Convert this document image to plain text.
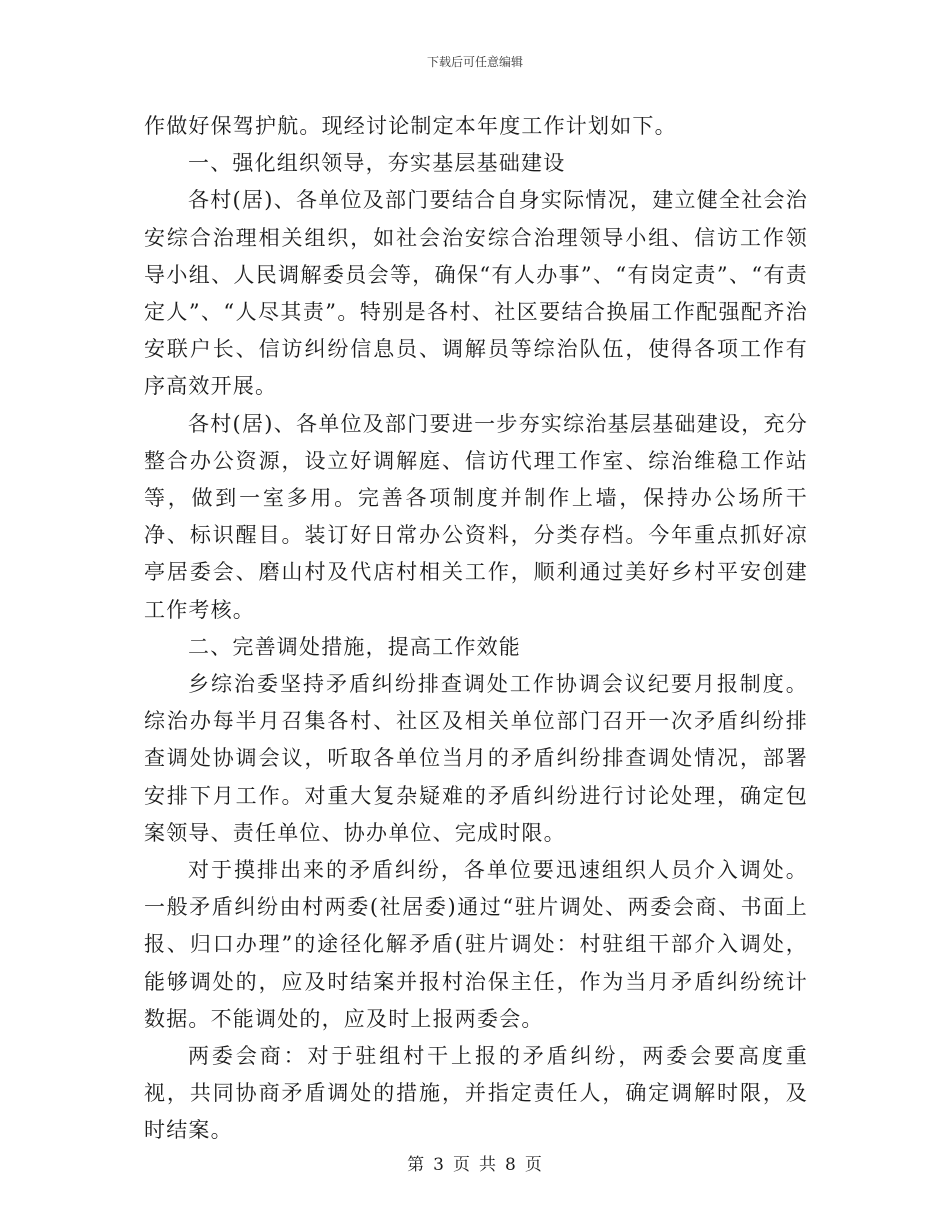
下载后可任意编辑

作做好保驾护航。现经讨论制定本年度工作计划如下。

一、强化组织领导，夯实基层基础建设

各村(居)、各单位及部门要结合自身实际情况，建立健全社会治安综合治理相关组织，如社会治安综合治理领导小组、信访工作领导小组、人民调解委员会等，确保“有人办事”、“有岗定责”、“有责定人”、“人尽其责”。特别是各村、社区要结合换届工作配强配齐治安联户长、信访纠纷信息员、调解员等综治队伍，使得各项工作有序高效开展。

各村(居)、各单位及部门要进一步夯实综治基层基础建设，充分整合办公资源，设立好调解庭、信访代理工作室、综治维稳工作站等，做到一室多用。完善各项制度并制作上墙，保持办公场所干净、标识醒目。装订好日常办公资料，分类存档。今年重点抓好凉亭居委会、磨山村及代店村相关工作，顺利通过美好乡村平安创建工作考核。

二、完善调处措施，提高工作效能

乡综治委坚持矛盾纠纷排查调处工作协调会议纪要月报制度。综治办每半月召集各村、社区及相关单位部门召开一次矛盾纠纷排查调处协调会议，听取各单位当月的矛盾纠纷排查调处情况，部署安排下月工作。对重大复杂疑难的矛盾纠纷进行讨论处理，确定包案领导、责任单位、协办单位、完成时限。

对于摸排出来的矛盾纠纷，各单位要迅速组织人员介入调处。一般矛盾纠纷由村两委(社居委)通过“驻片调处、两委会商、书面上报、归口办理”的途径化解矛盾(驻片调处：村驻组干部介入调处，能够调处的，应及时结案并报村治保主任，作为当月矛盾纠纷统计数据。不能调处的，应及时上报两委会。

两委会商：对于驻组村干上报的矛盾纠纷，两委会要高度重视，共同协商矛盾调处的措施，并指定责任人，确定调解时限，及时结案。

第 3 页 共 8 页
